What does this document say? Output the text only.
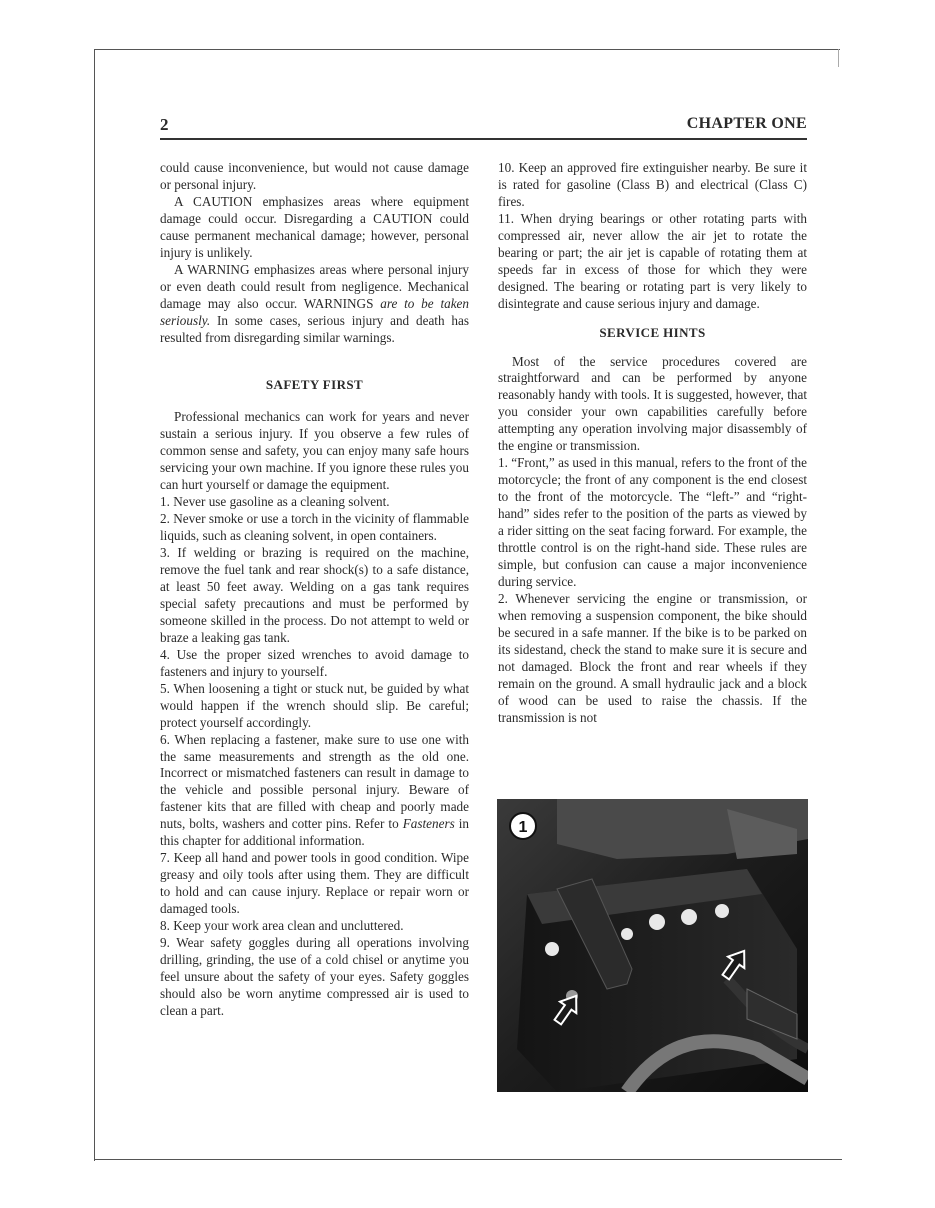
2	CHAPTER ONE

could cause inconvenience, but would not cause damage or personal injury.

A CAUTION emphasizes areas where equipment damage could occur. Disregarding a CAUTION could cause permanent mechanical damage; however, personal injury is unlikely.

A WARNING emphasizes areas where personal injury or even death could result from negligence. Mechanical damage may also occur. WARNINGS are to be taken seriously. In some cases, serious injury and death has resulted from disregarding similar warnings.

SAFETY FIRST

Professional mechanics can work for years and never sustain a serious injury. If you observe a few rules of common sense and safety, you can enjoy many safe hours servicing your own machine. If you ignore these rules you can hurt yourself or damage the equipment.

1. Never use gasoline as a cleaning solvent.

2. Never smoke or use a torch in the vicinity of flammable liquids, such as cleaning solvent, in open containers.

3. If welding or brazing is required on the machine, remove the fuel tank and rear shock(s) to a safe distance, at least 50 feet away. Welding on a gas tank requires special safety precautions and must be performed by someone skilled in the process. Do not attempt to weld or braze a leaking gas tank.

4. Use the proper sized wrenches to avoid damage to fasteners and injury to yourself.

5. When loosening a tight or stuck nut, be guided by what would happen if the wrench should slip. Be careful; protect yourself accordingly.

6. When replacing a fastener, make sure to use one with the same measurements and strength as the old one. Incorrect or mismatched fasteners can result in damage to the vehicle and possible personal injury. Beware of fastener kits that are filled with cheap and poorly made nuts, bolts, washers and cotter pins. Refer to Fasteners in this chapter for additional information.

7. Keep all hand and power tools in good condition. Wipe greasy and oily tools after using them. They are difficult to hold and can cause injury. Replace or repair worn or damaged tools.

8. Keep your work area clean and uncluttered.

9. Wear safety goggles during all operations involving drilling, grinding, the use of a cold chisel or anytime you feel unsure about the safety of your eyes. Safety goggles should also be worn anytime compressed air is used to clean a part.

10. Keep an approved fire extinguisher nearby. Be sure it is rated for gasoline (Class B) and electrical (Class C) fires.

11. When drying bearings or other rotating parts with compressed air, never allow the air jet to rotate the bearing or part; the air jet is capable of rotating them at speeds far in excess of those for which they were designed. The bearing or rotating part is very likely to disintegrate and cause serious injury and damage.

SERVICE HINTS

Most of the service procedures covered are straightforward and can be performed by anyone reasonably handy with tools. It is suggested, however, that you consider your own capabilities carefully before attempting any operation involving major disassembly of the engine or transmission.

1. “Front,” as used in this manual, refers to the front of the motorcycle; the front of any component is the end closest to the front of the motorcycle. The “left-” and “right-hand” sides refer to the position of the parts as viewed by a rider sitting on the seat facing forward. For example, the throttle control is on the right-hand side. These rules are simple, but confusion can cause a major inconvenience during service.

2. Whenever servicing the engine or transmission, or when removing a suspension component, the bike should be secured in a safe manner. If the bike is to be parked on its sidestand, check the stand to make sure it is secure and not damaged. Block the front and rear wheels if they remain on the ground. A small hydraulic jack and a block of wood can be used to raise the chassis. If the transmission is not

1
